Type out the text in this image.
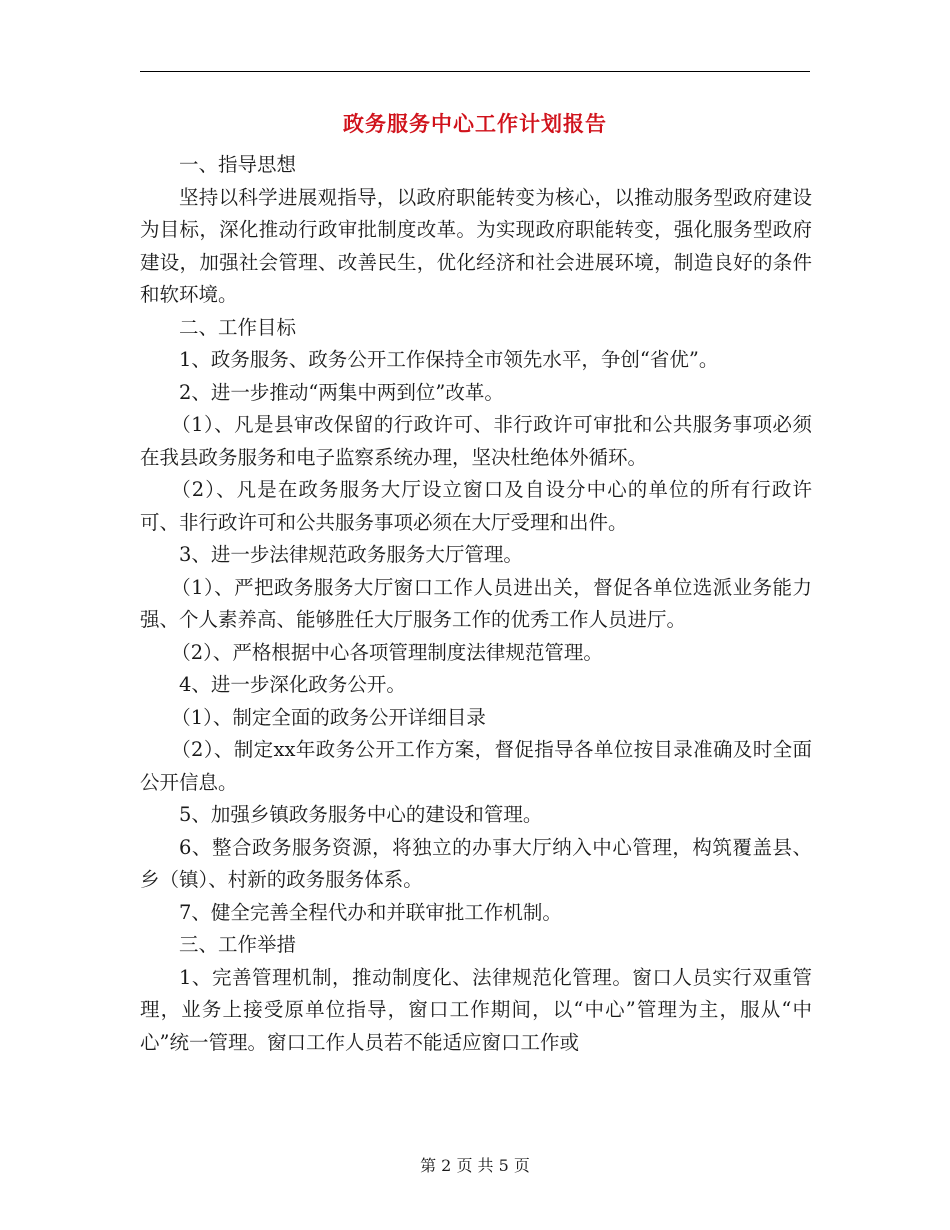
政务服务中心工作计划报告

一、指导思想

坚持以科学进展观指导，以政府职能转变为核心，以推动服务型政府建设为目标，深化推动行政审批制度改革。为实现政府职能转变，强化服务型政府建设，加强社会管理、改善民生，优化经济和社会进展环境，制造良好的条件和软环境。

二、工作目标

1、政务服务、政务公开工作保持全市领先水平，争创“省优”。

2、进一步推动“两集中两到位”改革。

（1）、凡是县审改保留的行政许可、非行政许可审批和公共服务事项必须在我县政务服务和电子监察系统办理，坚决杜绝体外循环。

（2）、凡是在政务服务大厅设立窗口及自设分中心的单位的所有行政许可、非行政许可和公共服务事项必须在大厅受理和出件。

3、进一步法律规范政务服务大厅管理。

（1）、严把政务服务大厅窗口工作人员进出关，督促各单位选派业务能力强、个人素养高、能够胜任大厅服务工作的优秀工作人员进厅。

（2）、严格根据中心各项管理制度法律规范管理。

4、进一步深化政务公开。

（1）、制定全面的政务公开详细目录

（2）、制定xx年政务公开工作方案，督促指导各单位按目录准确及时全面公开信息。

5、加强乡镇政务服务中心的建设和管理。

6、整合政务服务资源，将独立的办事大厅纳入中心管理，构筑覆盖县、乡（镇）、村新的政务服务体系。

7、健全完善全程代办和并联审批工作机制。

三、工作举措

1、完善管理机制，推动制度化、法律规范化管理。窗口人员实行双重管理，业务上接受原单位指导，窗口工作期间，以“中心”管理为主，服从“中心”统一管理。窗口工作人员若不能适应窗口工作或

第 2 页 共 5 页
